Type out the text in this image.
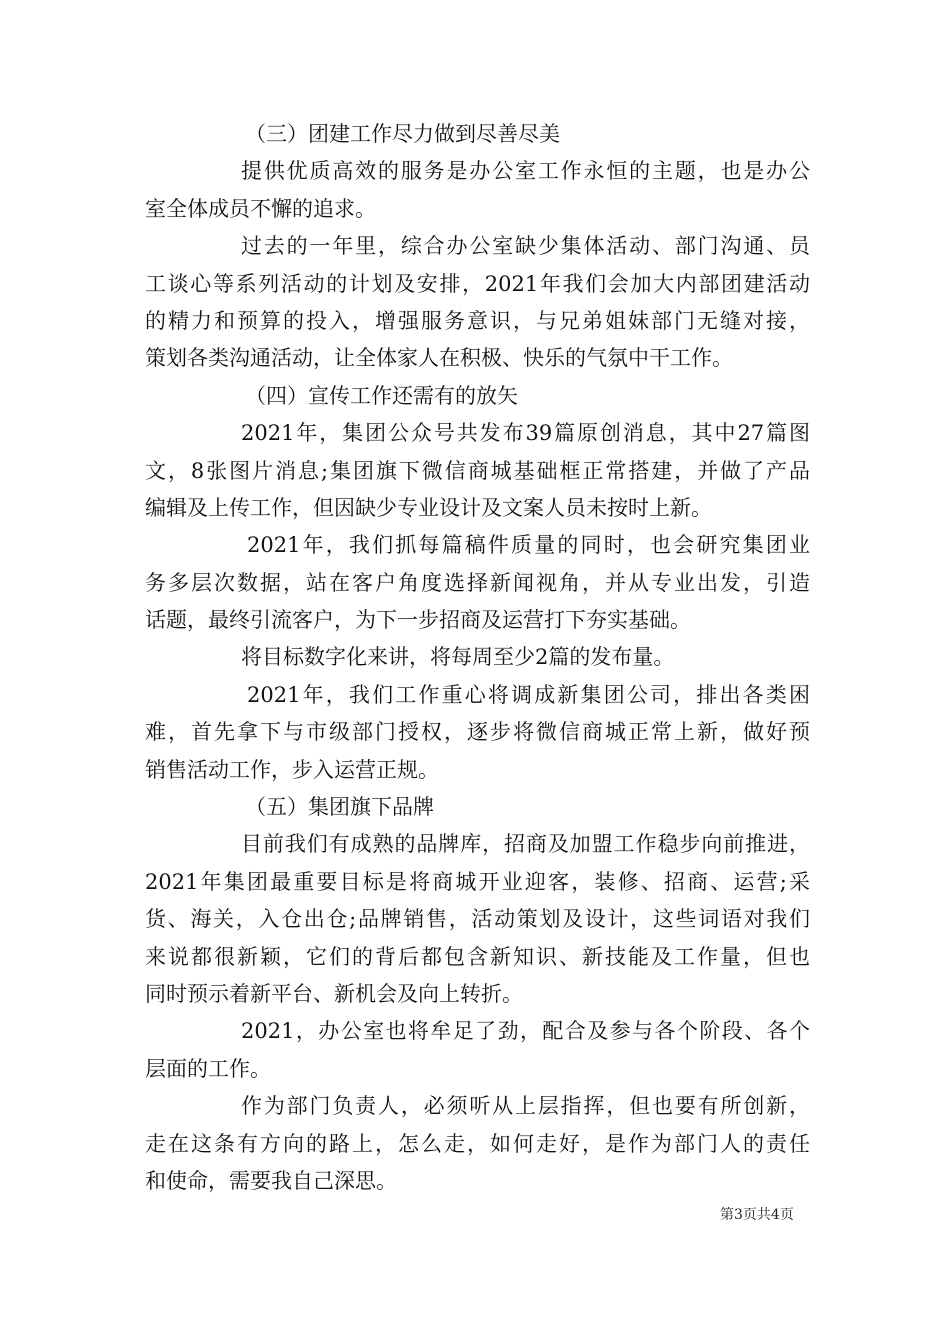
（三）团建工作尽力做到尽善尽美
提供优质高效的服务是办公室工作永恒的主题，也是办公
室全体成员不懈的追求。
过去的一年里，综合办公室缺少集体活动、部门沟通、员
工谈心等系列活动的计划及安排，2021年我们会加大内部团建活动
的精力和预算的投入，增强服务意识，与兄弟姐妹部门无缝对接，
策划各类沟通活动，让全体家人在积极、快乐的气氛中干工作。
（四）宣传工作还需有的放矢
2021年，集团公众号共发布39篇原创消息，其中27篇图
文，8张图片消息;集团旗下微信商城基础框正常搭建，并做了产品
编辑及上传工作，但因缺少专业设计及文案人员未按时上新。
2021年，我们抓每篇稿件质量的同时，也会研究集团业
务多层次数据，站在客户角度选择新闻视角，并从专业出发，引造
话题，最终引流客户，为下一步招商及运营打下夯实基础。
将目标数字化来讲，将每周至少2篇的发布量。
2021年，我们工作重心将调成新集团公司，排出各类困
难，首先拿下与市级部门授权，逐步将微信商城正常上新，做好预
销售活动工作，步入运营正规。
（五）集团旗下品牌
目前我们有成熟的品牌库，招商及加盟工作稳步向前推进，
2021年集团最重要目标是将商城开业迎客，装修、招商、运营;采
货、海关，入仓出仓;品牌销售，活动策划及设计，这些词语对我们
来说都很新颖，它们的背后都包含新知识、新技能及工作量，但也
同时预示着新平台、新机会及向上转折。
2021，办公室也将牟足了劲，配合及参与各个阶段、各个
层面的工作。
作为部门负责人，必须听从上层指挥，但也要有所创新，
走在这条有方向的路上，怎么走，如何走好，是作为部门人的责任
和使命，需要我自己深思。
第3页共4页
